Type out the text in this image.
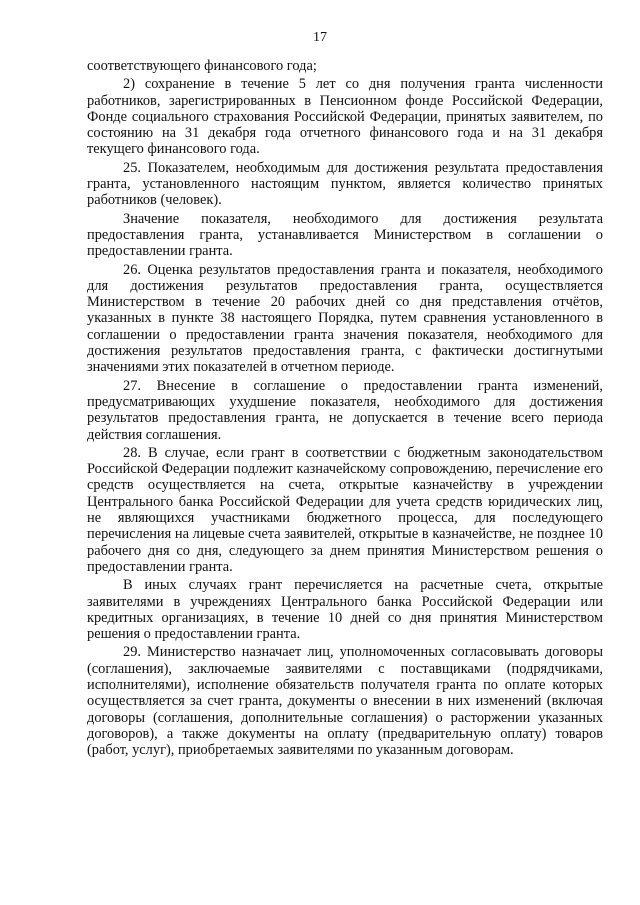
17

соответствующего финансового года;

2) сохранение в течение 5 лет со дня получения гранта численности работников, зарегистрированных в Пенсионном фонде Российской Федерации, Фонде социального страхования Российской Федерации, принятых заявителем, по состоянию на 31 декабря года отчетного финансового года и на 31 декабря текущего финансового года.

25. Показателем, необходимым для достижения результата предоставления гранта, установленного настоящим пунктом, является количество принятых работников (человек).

Значение показателя, необходимого для достижения результата предоставления гранта, устанавливается Министерством в соглашении о предоставлении гранта.

26. Оценка результатов предоставления гранта и показателя, необходимого для достижения результатов предоставления гранта, осуществляется Министерством в течение 20 рабочих дней со дня представления отчётов, указанных в пункте 38 настоящего Порядка, путем сравнения установленного в соглашении о предоставлении гранта значения показателя, необходимого для достижения результатов предоставления гранта, с фактически достигнутыми значениями этих показателей в отчетном периоде.

27. Внесение в соглашение о предоставлении гранта изменений, предусматривающих ухудшение показателя, необходимого для достижения результатов предоставления гранта, не допускается в течение всего периода действия соглашения.

28. В случае, если грант в соответствии с бюджетным законодательством Российской Федерации подлежит казначейскому сопровождению, перечисление его средств осуществляется на счета, открытые казначейству в учреждении Центрального банка Российской Федерации для учета средств юридических лиц, не являющихся участниками бюджетного процесса, для последующего перечисления на лицевые счета заявителей, открытые в казначействе, не позднее 10 рабочего дня со дня, следующего за днем принятия Министерством решения о предоставлении гранта.

В иных случаях грант перечисляется на расчетные счета, открытые заявителями в учреждениях Центрального банка Российской Федерации или кредитных организациях, в течение 10 дней со дня принятия Министерством решения о предоставлении гранта.

29. Министерство назначает лиц, уполномоченных согласовывать договоры (соглашения), заключаемые заявителями с поставщиками (подрядчиками, исполнителями), исполнение обязательств получателя гранта по оплате которых осуществляется за счет гранта, документы о внесении в них изменений (включая договоры (соглашения, дополнительные соглашения) о расторжении указанных договоров), а также документы на оплату (предварительную оплату) товаров (работ, услуг), приобретаемых заявителями по указанным договорам.
